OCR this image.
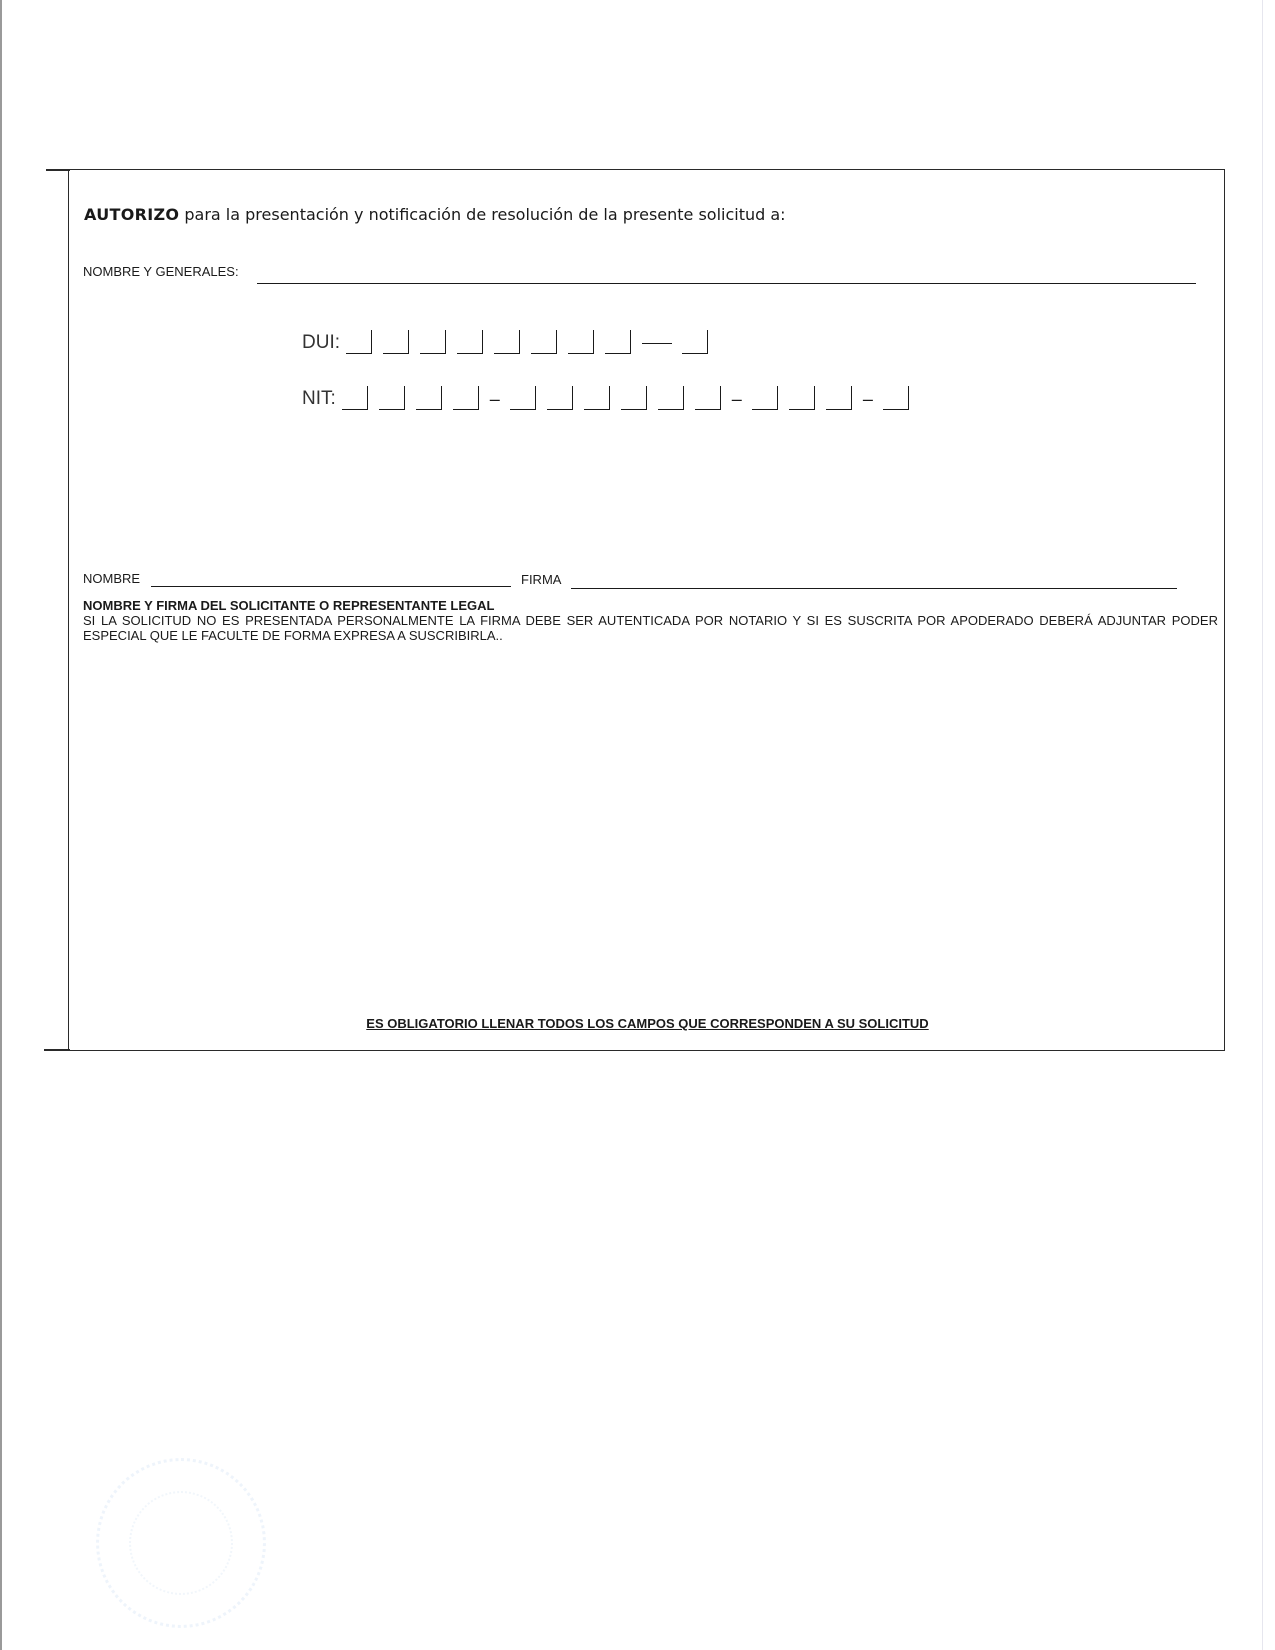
AUTORIZO para la presentación y notificación de resolución de la presente solicitud a:
NOMBRE Y GENERALES:
DUI:
NIT:	–	–	–
NOMBRE	FIRMA
NOMBRE Y FIRMA DEL SOLICITANTE O REPRESENTANTE LEGAL
SI LA SOLICITUD NO ES PRESENTADA PERSONALMENTE LA FIRMA DEBE SER AUTENTICADA POR NOTARIO Y SI ES SUSCRITA POR APODERADO DEBERÁ ADJUNTAR PODER ESPECIAL QUE LE FACULTE DE FORMA EXPRESA A SUSCRIBIRLA..
ES OBLIGATORIO LLENAR TODOS LOS CAMPOS QUE CORRESPONDEN A SU SOLICITUD
